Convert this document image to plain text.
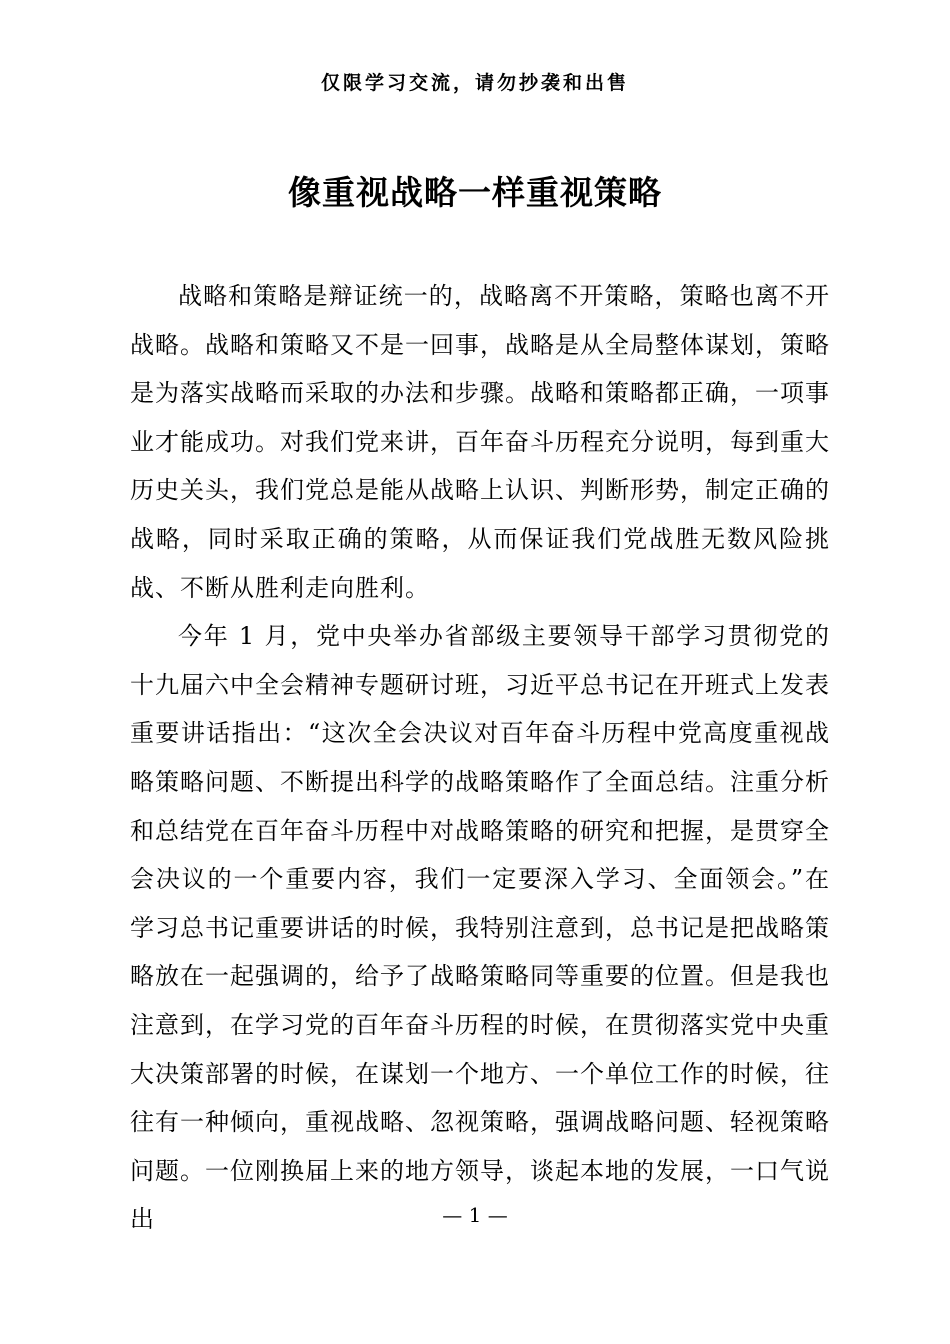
仅限学习交流，请勿抄袭和出售
像重视战略一样重视策略

战略和策略是辩证统一的，战略离不开策略，策略也离不开战略。战略和策略又不是一回事，战略是从全局整体谋划，策略是为落实战略而采取的办法和步骤。战略和策略都正确，一项事业才能成功。对我们党来讲，百年奋斗历程充分说明，每到重大历史关头，我们党总是能从战略上认识、判断形势，制定正确的战略，同时采取正确的策略，从而保证我们党战胜无数风险挑战、不断从胜利走向胜利。

今年 1 月，党中央举办省部级主要领导干部学习贯彻党的十九届六中全会精神专题研讨班，习近平总书记在开班式上发表重要讲话指出：“这次全会决议对百年奋斗历程中党高度重视战略策略问题、不断提出科学的战略策略作了全面总结。注重分析和总结党在百年奋斗历程中对战略策略的研究和把握，是贯穿全会决议的一个重要内容，我们一定要深入学习、全面领会。”在学习总书记重要讲话的时候，我特别注意到，总书记是把战略策略放在一起强调的，给予了战略策略同等重要的位置。但是我也注意到，在学习党的百年奋斗历程的时候，在贯彻落实党中央重大决策部署的时候，在谋划一个地方、一个单位工作的时候，往往有一种倾向，重视战略、忽视策略，强调战略问题、轻视策略问题。一位刚换届上来的地方领导，谈起本地的发展，一口气说出	— 1 —
